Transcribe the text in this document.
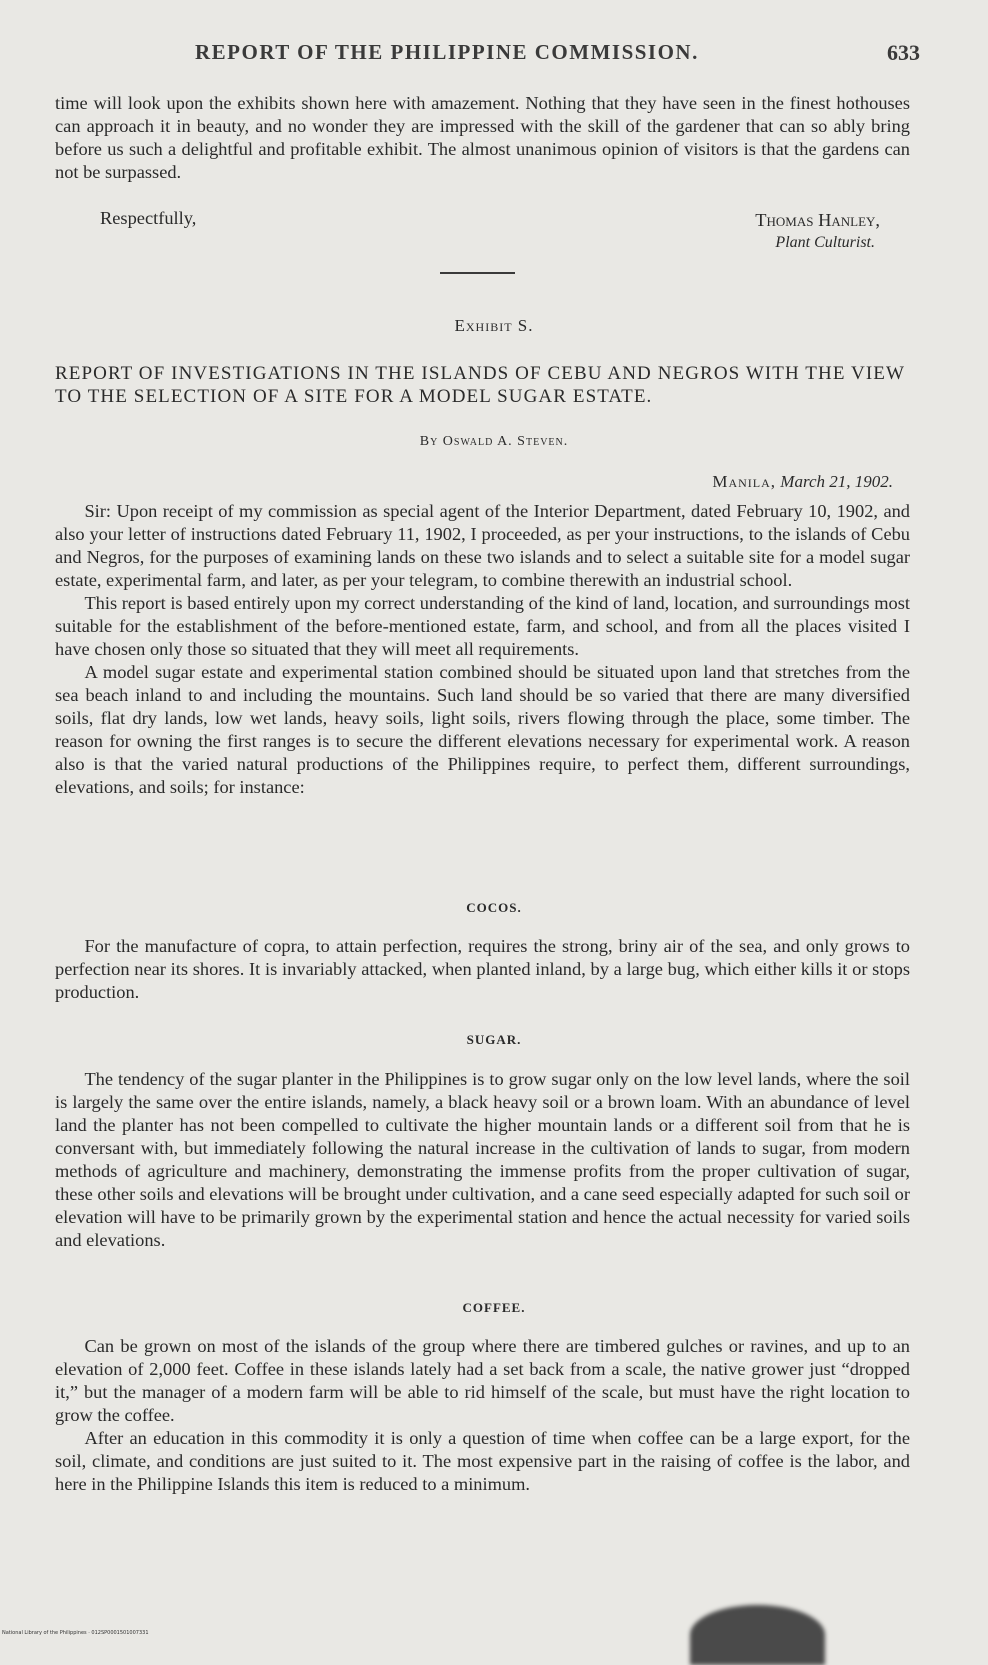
REPORT OF THE PHILIPPINE COMMISSION.	633

time will look upon the exhibits shown here with amazement. Nothing that they have seen in the finest hothouses can approach it in beauty, and no wonder they are impressed with the skill of the gardener that can so ably bring before us such a delightful and profitable exhibit. The almost unanimous opinion of visitors is that the gardens can not be surpassed.

Respectfully,	Thomas Hanley,
Plant Culturist.
Exhibit S.
REPORT OF INVESTIGATIONS IN THE ISLANDS OF CEBU AND NEGROS WITH THE VIEW TO THE SELECTION OF A SITE FOR A MODEL SUGAR ESTATE.
By Oswald A. Steven.
Manila, March 21, 1902.

Sir: Upon receipt of my commission as special agent of the Interior Department, dated February 10, 1902, and also your letter of instructions dated February 11, 1902, I proceeded, as per your instructions, to the islands of Cebu and Negros, for the purposes of examining lands on these two islands and to select a suitable site for a model sugar estate, experimental farm, and later, as per your telegram, to combine therewith an industrial school.

This report is based entirely upon my correct understanding of the kind of land, location, and surroundings most suitable for the establishment of the before-mentioned estate, farm, and school, and from all the places visited I have chosen only those so situated that they will meet all requirements.

A model sugar estate and experimental station combined should be situated upon land that stretches from the sea beach inland to and including the mountains. Such land should be so varied that there are many diversified soils, flat dry lands, low wet lands, heavy soils, light soils, rivers flowing through the place, some timber. The reason for owning the first ranges is to secure the different elevations necessary for experimental work. A reason also is that the varied natural productions of the Philippines require, to perfect them, different surroundings, elevations, and soils; for instance:

COCOS.

For the manufacture of copra, to attain perfection, requires the strong, briny air of the sea, and only grows to perfection near its shores. It is invariably attacked, when planted inland, by a large bug, which either kills it or stops production.

SUGAR.

The tendency of the sugar planter in the Philippines is to grow sugar only on the low level lands, where the soil is largely the same over the entire islands, namely, a black heavy soil or a brown loam. With an abundance of level land the planter has not been compelled to cultivate the higher mountain lands or a different soil from that he is conversant with, but immediately following the natural increase in the cultivation of lands to sugar, from modern methods of agriculture and machinery, demonstrating the immense profits from the proper cultivation of sugar, these other soils and elevations will be brought under cultivation, and a cane seed especially adapted for such soil or elevation will have to be primarily grown by the experimental station and hence the actual necessity for varied soils and elevations.

COFFEE.

Can be grown on most of the islands of the group where there are timbered gulches or ravines, and up to an elevation of 2,000 feet. Coffee in these islands lately had a set back from a scale, the native grower just “dropped it,” but the manager of a modern farm will be able to rid himself of the scale, but must have the right location to grow the coffee.

After an education in this commodity it is only a question of time when coffee can be a large export, for the soil, climate, and conditions are just suited to it. The most expensive part in the raising of coffee is the labor, and here in the Philippine Islands this item is reduced to a minimum.

National Library of the Philippines · 012SP0001501007331
